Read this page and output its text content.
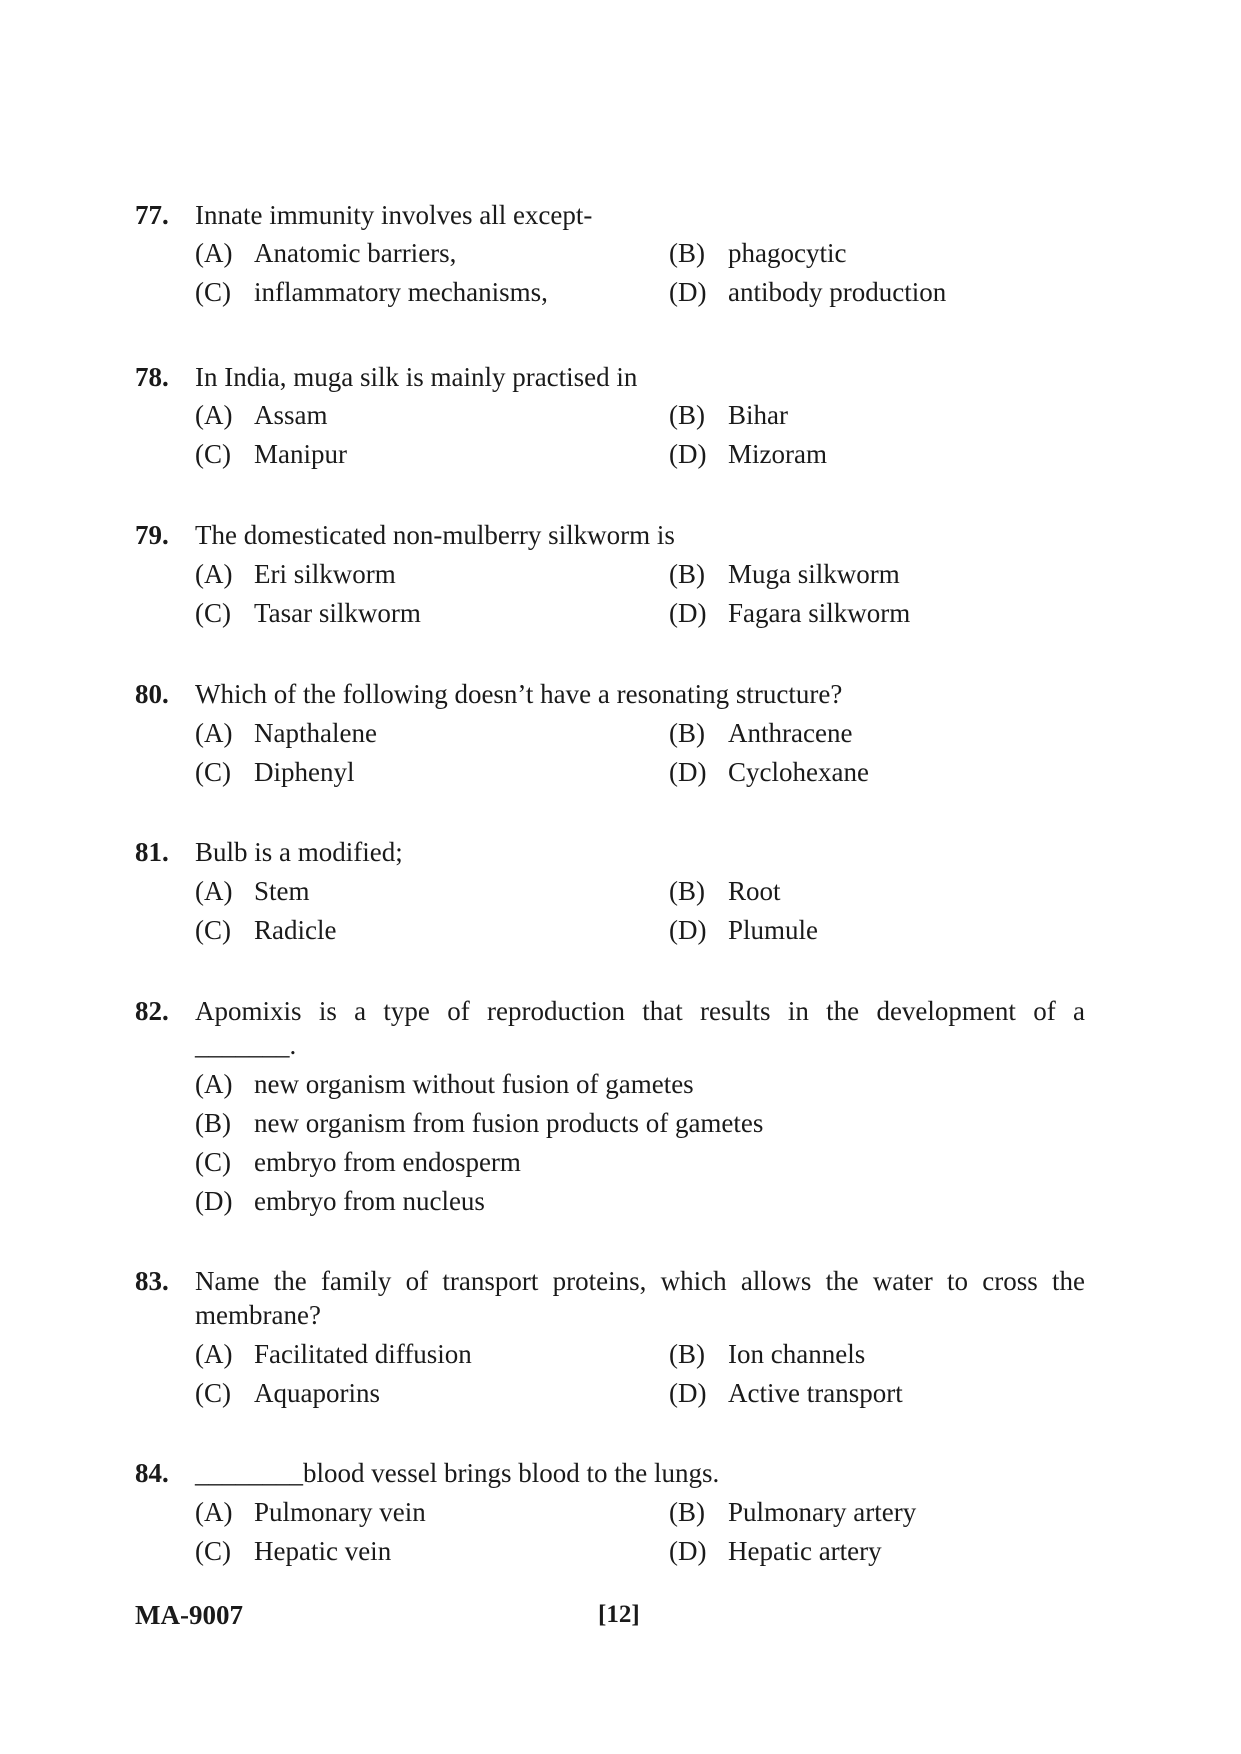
77. Innate immunity involves all except-
(A) Anatomic barriers,	(B) phagocytic
(C) inflammatory mechanisms,	(D) antibody production
78. In India, muga silk is mainly practised in
(A) Assam	(B) Bihar
(C) Manipur	(D) Mizoram
79. The domesticated non-mulberry silkworm is
(A) Eri silkworm	(B) Muga silkworm
(C) Tasar silkworm	(D) Fagara silkworm
80. Which of the following doesn’t have a resonating structure?
(A) Napthalene	(B) Anthracene
(C) Diphenyl	(D) Cyclohexane
81. Bulb is a modified;
(A) Stem	(B) Root
(C) Radicle	(D) Plumule
82. Apomixis is a type of reproduction that results in the development of a
_______.
(A) new organism without fusion of gametes
(B) new organism from fusion products of gametes
(C) embryo from endosperm
(D) embryo from nucleus
83. Name the family of transport proteins, which allows the water to cross the
membrane?
(A) Facilitated diffusion	(B) Ion channels
(C) Aquaporins	(D) Active transport
84. ________blood vessel brings blood to the lungs.
(A) Pulmonary vein	(B) Pulmonary artery
(C) Hepatic vein	(D) Hepatic artery
MA-9007	[12]
